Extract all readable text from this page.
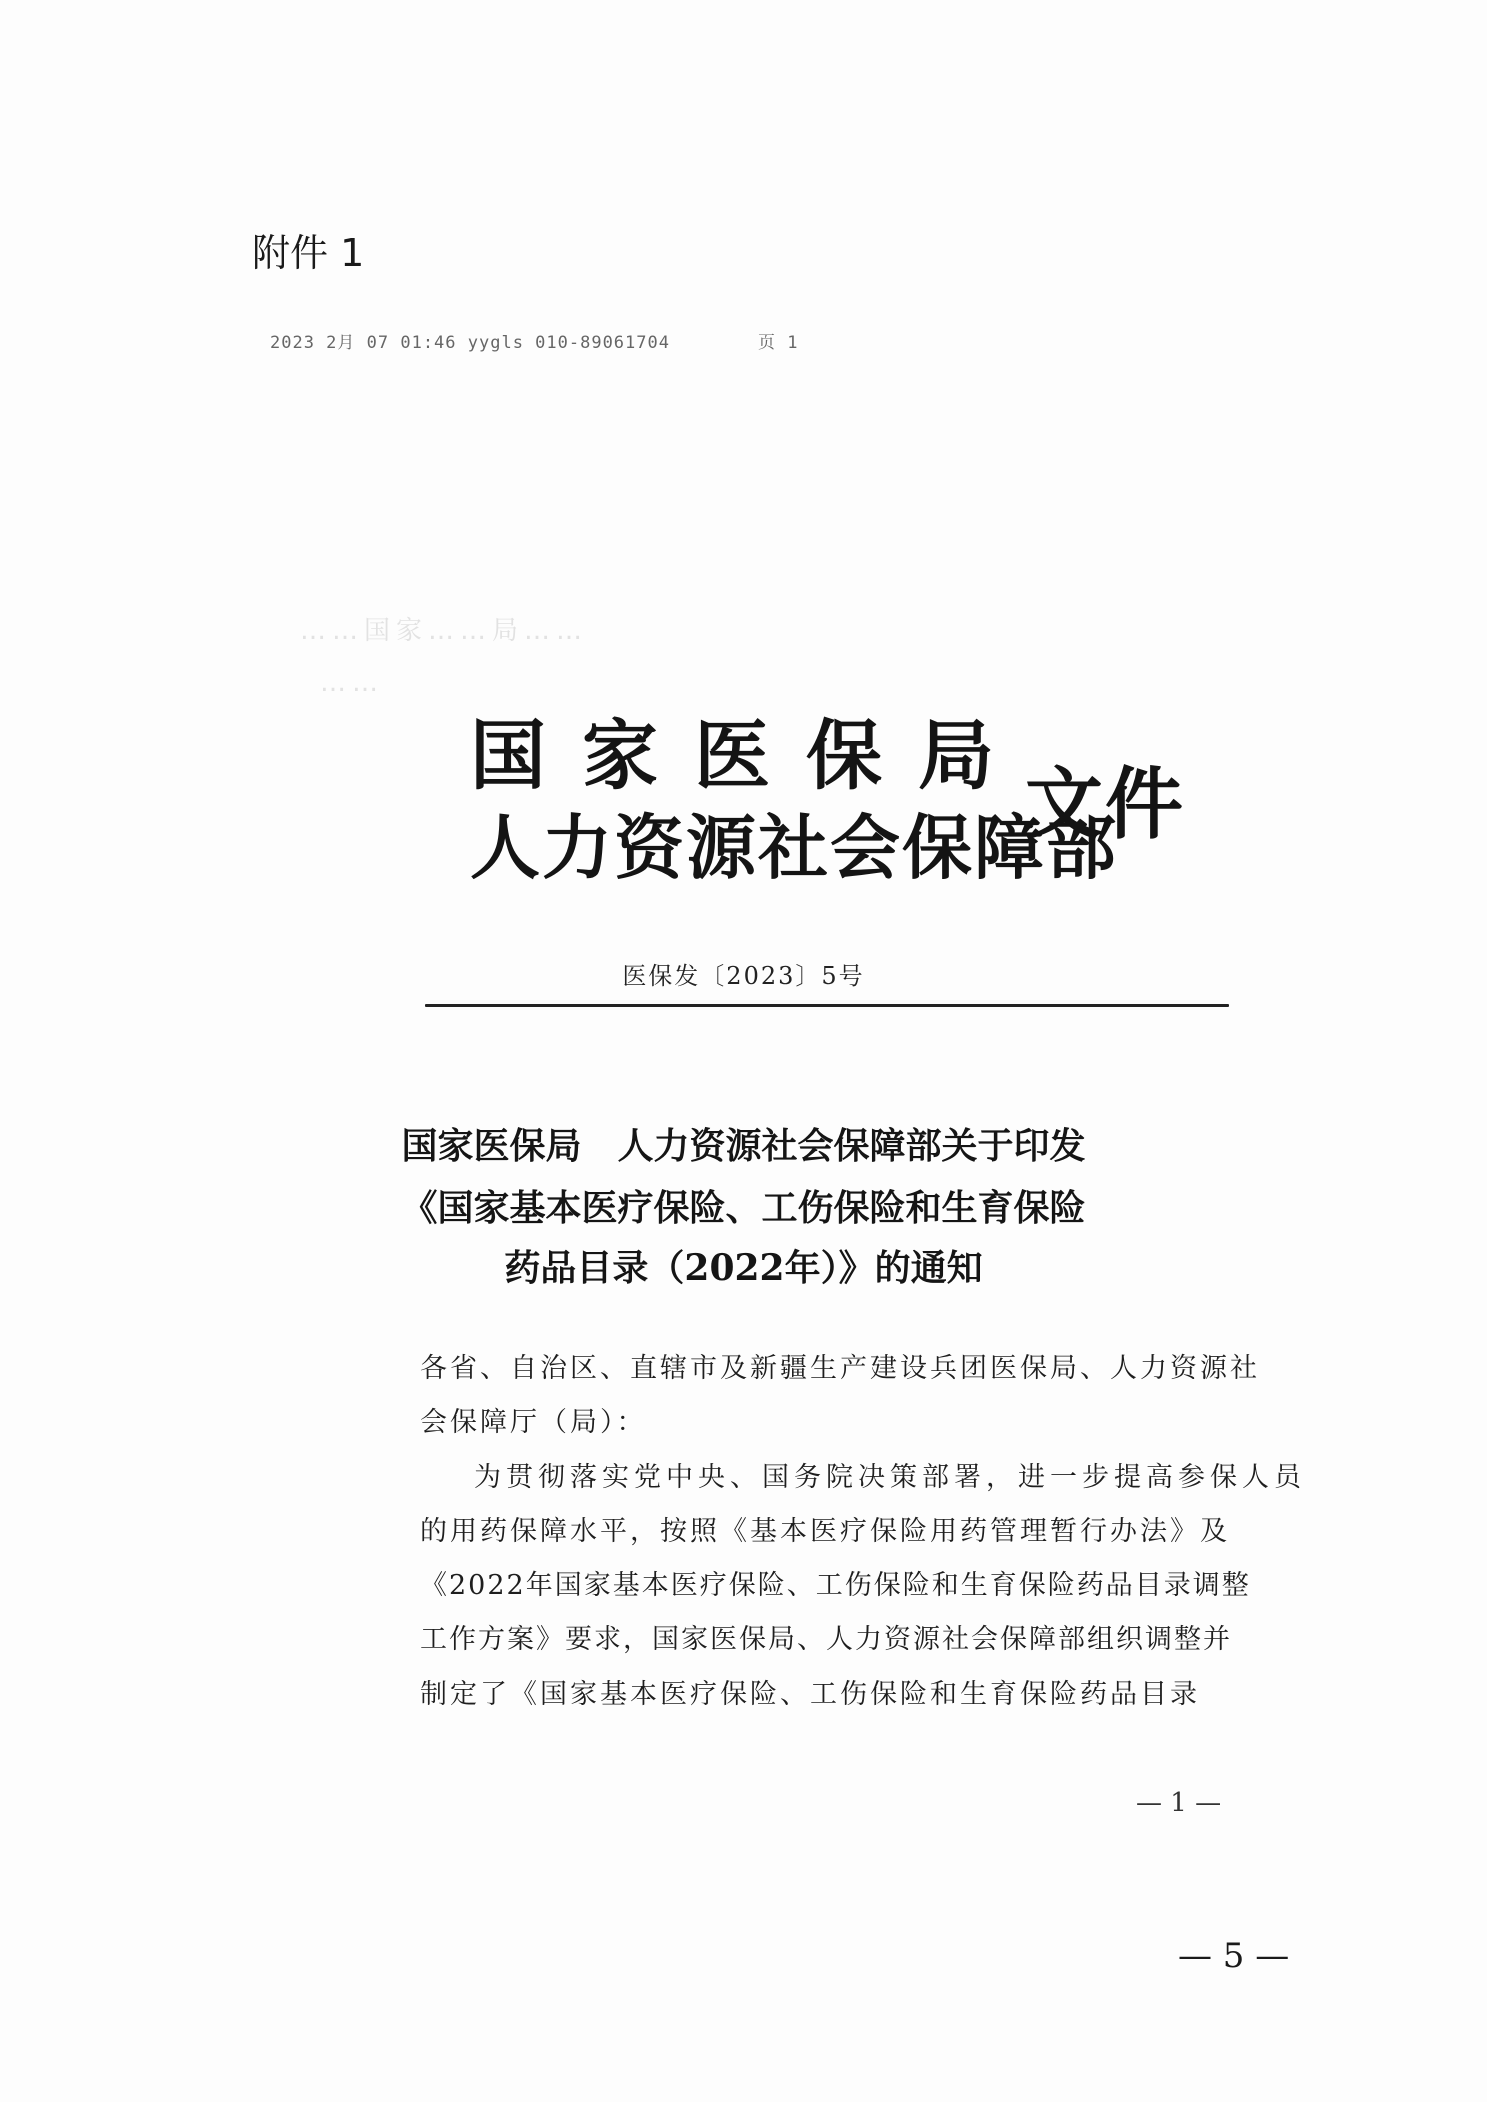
附件 1
2023 2月 07 01:46 yygls 010-89061704	页 1
……国家……局……
……
国家医保局
人力资源社会保障部
文件
医保发〔2023〕5号
国家医保局　人力资源社会保障部关于印发
《国家基本医疗保险、工伤保险和生育保险
药品目录（2022年）》的通知
各省、自治区、直辖市及新疆生产建设兵团医保局、人力资源社
会保障厅（局）：
为贯彻落实党中央、国务院决策部署，进一步提高参保人员
的用药保障水平，按照《基本医疗保险用药管理暂行办法》及
《2022年国家基本医疗保险、工伤保险和生育保险药品目录调整
工作方案》要求，国家医保局、人力资源社会保障部组织调整并
制定了《国家基本医疗保险、工伤保险和生育保险药品目录
— 1 —
— 5 —
